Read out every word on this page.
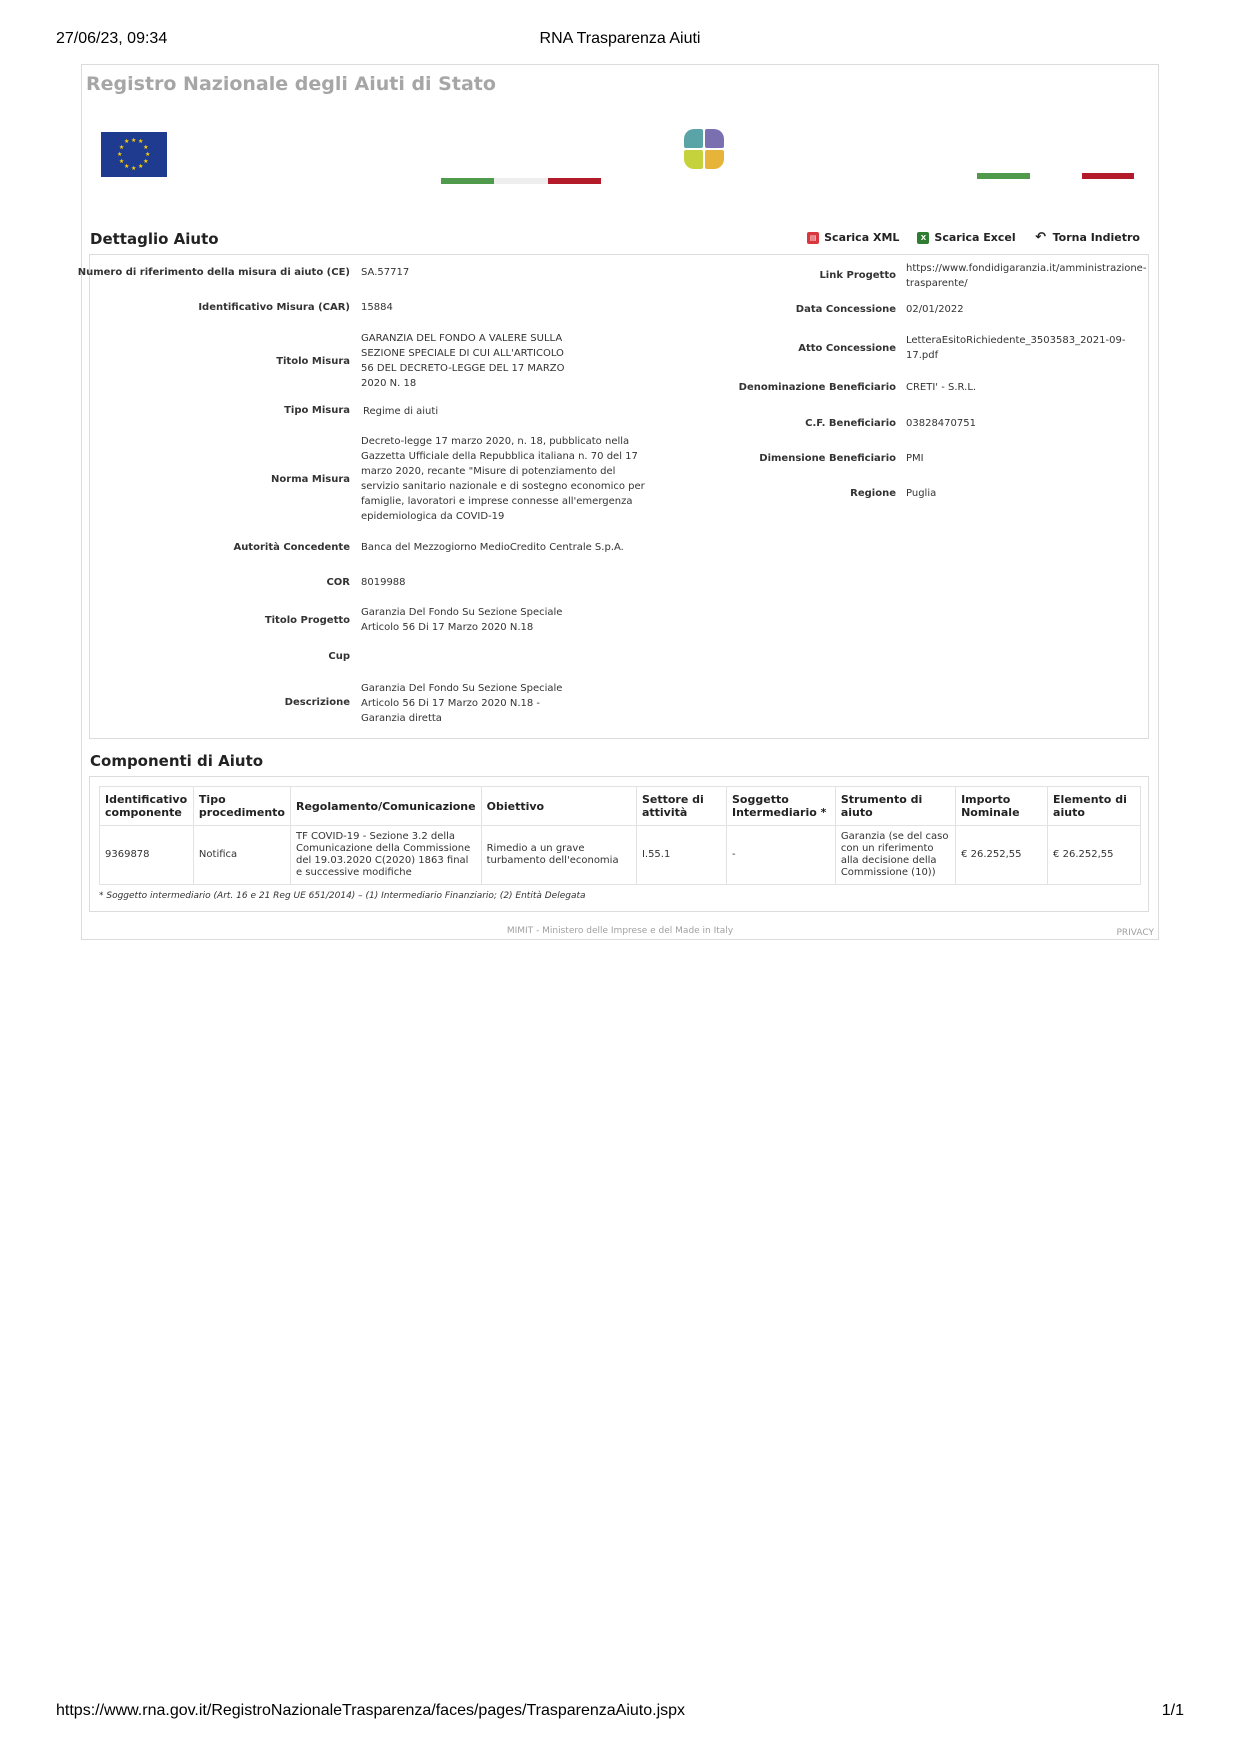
27/06/23, 09:34	RNA Trasparenza Aiuti
https://www.rna.gov.it/RegistroNazionaleTrasparenza/faces/pages/TrasparenzaAiuto.jspx	1/1
Registro Nazionale degli Aiuti di Stato
★ ★
★
★
★
★
★
★
★
★
★
★
Dettaglio Aiuto	▤ Scarica XML	X Scarica Excel ↶ Torna Indietro
Numero di riferimento della misura di aiuto (CE) SA.57717
Identificativo Misura (CAR) 15884
Titolo Misura
GARANZIA DEL FONDO A VALERE SULLA
SEZIONE SPECIALE DI CUI ALL'ARTICOLO
56 DEL DECRETO-LEGGE DEL 17 MARZO
2020 N. 18
Tipo Misura Regime di aiuti
Norma Misura
Decreto-legge 17 marzo 2020, n. 18, pubblicato nella
Gazzetta Ufficiale della Repubblica italiana n. 70 del 17
marzo 2020, recante "Misure di potenziamento del
servizio sanitario nazionale e di sostegno economico per
famiglie, lavoratori e imprese connesse all'emergenza
epidemiologica da COVID-19
Autorità Concedente Banca del Mezzogiorno MedioCredito Centrale S.p.A.
COR 8019988
Titolo Progetto
Garanzia Del Fondo Su Sezione Speciale
Articolo 56 Di 17 Marzo 2020 N.18
Cup
Descrizione
Garanzia Del Fondo Su Sezione Speciale
Articolo 56 Di 17 Marzo 2020 N.18 -
Garanzia diretta
Link Progetto
https://www.fondidigaranzia.it/amministrazione-
trasparente/
Data Concessione 02/01/2022
Atto Concessione
LetteraEsitoRichiedente_3503583_2021-09-
17.pdf
Denominazione Beneficiario CRETI' - S.R.L.
C.F. Beneficiario 03828470751
Dimensione Beneficiario PMI
Regione Puglia
Componenti di Aiuto
Identificativo componente	Tipo procedimento	Regolamento/Comunicazione	Obiettivo	Settore di attività	Soggetto Intermediario *	Strumento di aiuto	Importo Nominale	Elemento di aiuto
9369878	Notifica	TF COVID-19 - Sezione 3.2 della Comunicazione della Commissione del 19.03.2020 C(2020) 1863 final e successive modifiche	Rimedio a un grave turbamento dell'economia	I.55.1	-	Garanzia (se del caso con un riferimento alla decisione della Commissione (10))	€ 26.252,55	€ 26.252,55
* Soggetto intermediario (Art. 16 e 21 Reg UE 651/2014) – (1) Intermediario Finanziario; (2) Entità Delegata
MIMIT - Ministero delle Imprese e del Made in Italy	PRIVACY
